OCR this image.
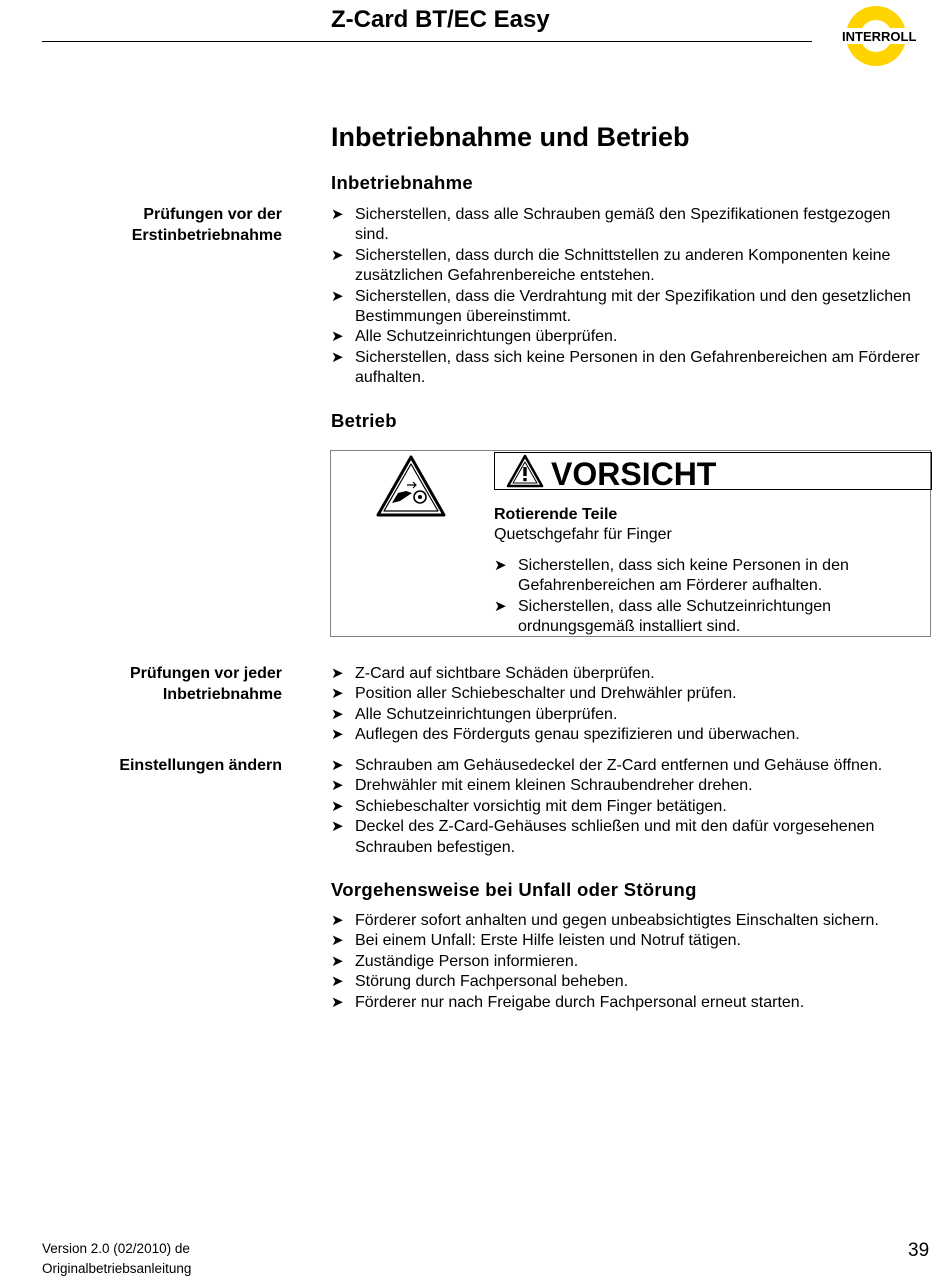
Z-Card BT/EC Easy
INTERROLL
Inbetriebnahme und Betrieb
Inbetriebnahme
Prüfungen vor der
Erstinbetriebnahme
➤ Sicherstellen, dass alle Schrauben gemäß den Spezifikationen festgezogen sind.
➤ Sicherstellen, dass durch die Schnittstellen zu anderen Komponenten keine zusätzlichen Gefahrenbereiche entstehen.
➤ Sicherstellen, dass die Verdrahtung mit der Spezifikation und den gesetzlichen Bestimmungen übereinstimmt.
➤ Alle Schutzeinrichtungen überprüfen.
➤ Sicherstellen, dass sich keine Personen in den Gefahrenbereichen am Förderer aufhalten.
Betrieb
VORSICHT
Rotierende Teile
Quetschgefahr für Finger
➤ Sicherstellen, dass sich keine Personen in den Gefahrenbereichen am Förderer aufhalten.
➤ Sicherstellen, dass alle Schutzeinrichtungen ordnungsgemäß installiert sind.
Prüfungen vor jeder
Inbetriebnahme
➤ Z-Card auf sichtbare Schäden überprüfen.
➤ Position aller Schiebeschalter und Drehwähler prüfen.
➤ Alle Schutzeinrichtungen überprüfen.
➤ Auflegen des Förderguts genau spezifizieren und überwachen.
Einstellungen ändern	➤ Schrauben am Gehäusedeckel der Z-Card entfernen und Gehäuse öffnen.
➤ Drehwähler mit einem kleinen Schraubendreher drehen.
➤ Schiebeschalter vorsichtig mit dem Finger betätigen.
➤ Deckel des Z-Card-Gehäuses schließen und mit den dafür vorgesehenen Schrauben befestigen.
Vorgehensweise bei Unfall oder Störung
➤ Förderer sofort anhalten und gegen unbeabsichtigtes Einschalten sichern.
➤ Bei einem Unfall: Erste Hilfe leisten und Notruf tätigen.
➤ Zuständige Person informieren.
➤ Störung durch Fachpersonal beheben.
➤ Förderer nur nach Freigabe durch Fachpersonal erneut starten.
Version 2.0 (02/2010) de
Originalbetriebsanleitung
39
